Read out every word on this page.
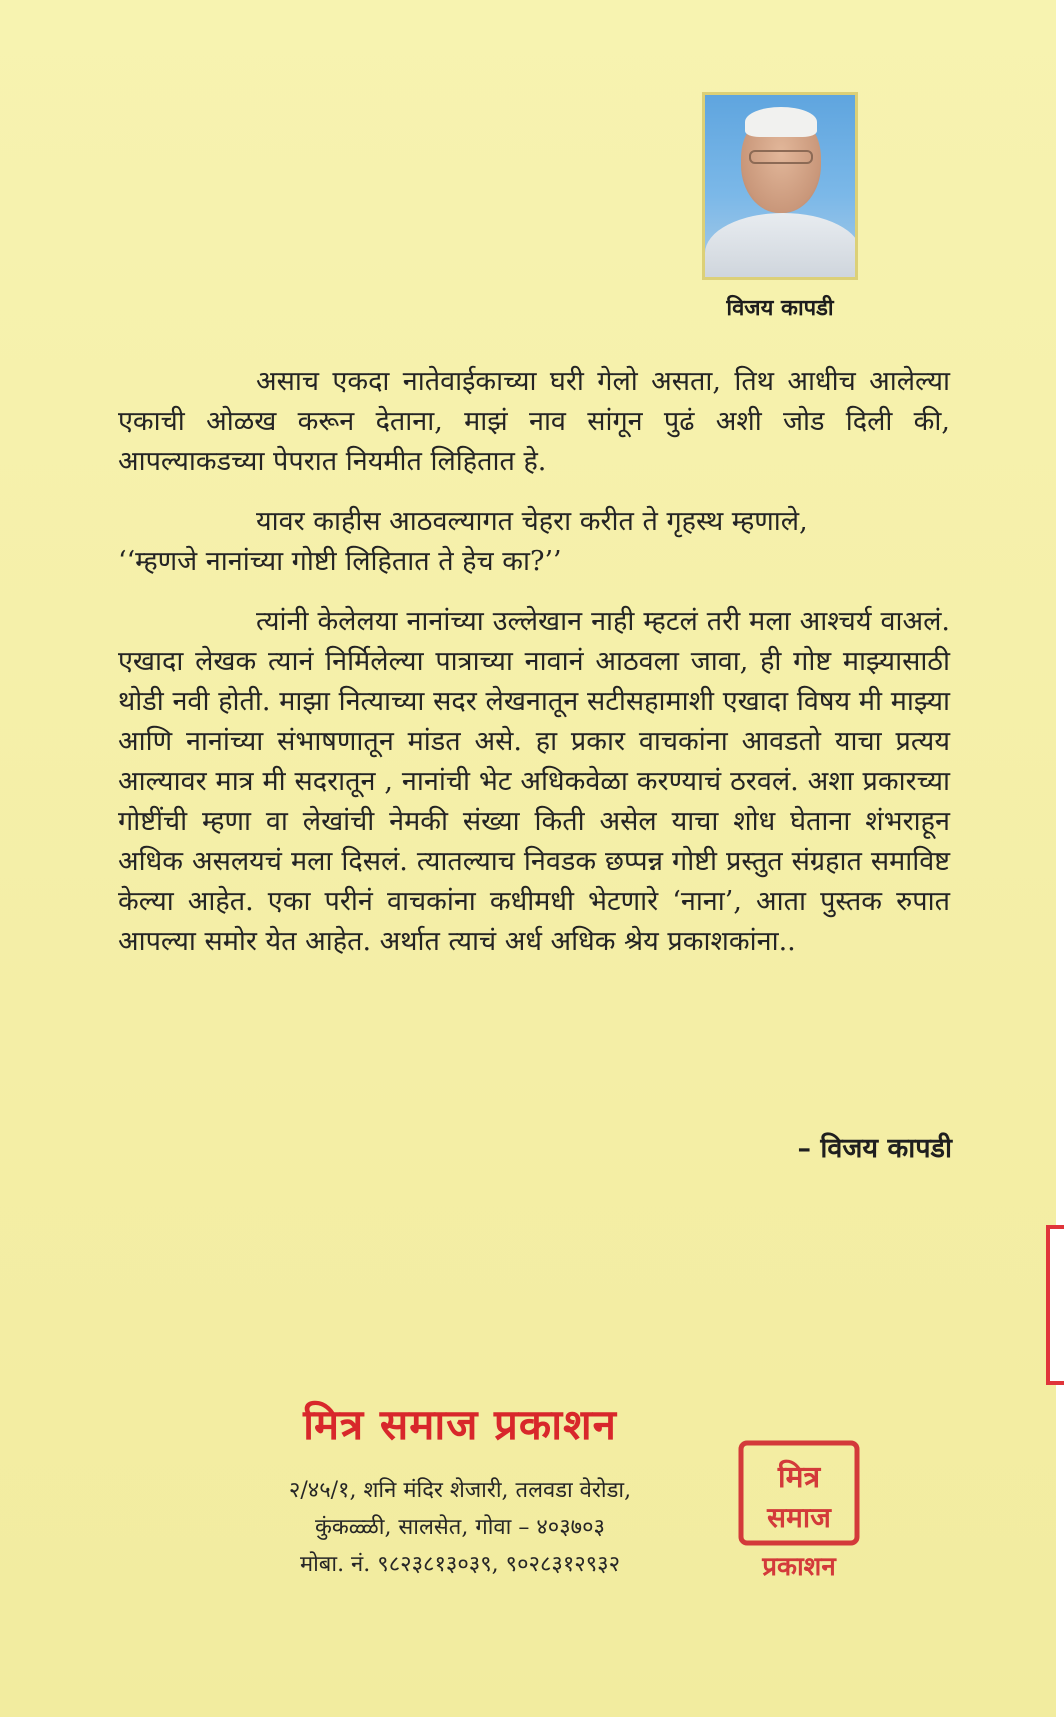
विजय कापडी

असाच एकदा नातेवाईकाच्या घरी गेलो असता, तिथ आधीच आलेल्या एकाची ओळख करून देताना, माझं नाव सांगून पुढं अशी जोड दिली की, आपल्याकडच्या पेपरात नियमीत लिहितात हे.

यावर काहीस आठवल्यागत चेहरा करीत ते गृहस्थ म्हणाले,

‘‘म्हणजे नानांच्या गोष्टी लिहितात ते हेच का?’’

त्यांनी केलेलया नानांच्या उल्लेखान नाही म्हटलं तरी मला आश्चर्य वाअलं. एखादा लेखक त्यानं निर्मिलेल्या पात्राच्या नावानं आठवला जावा, ही गोष्ट माझ्यासाठी थोडी नवी होती. माझा नित्याच्या सदर लेखनातून सटीसहामाशी एखादा विषय मी माझ्या आणि नानांच्या संभाषणातून मांडत असे. हा प्रकार वाचकांना आवडतो याचा प्रत्यय आल्यावर मात्र मी सदरातून , नानांची भेट अधिकवेळा करण्याचं ठरवलं. अशा प्रकारच्या गोष्टींची म्हणा वा लेखांची नेमकी संख्या किती असेल याचा शोध घेताना शंभराहून अधिक असलयचं मला दिसलं. त्यातल्याच निवडक छप्पन्न गोष्टी प्रस्तुत संग्रहात समाविष्ट केल्या आहेत. एका परीनं वाचकांना कधीमधी भेटणारे ‘नाना’, आता पुस्तक रुपात आपल्या समोर येत आहेत. अर्थात त्याचं अर्ध अधिक श्रेय प्रकाशकांना..

– विजय कापडी
मित्र समाज प्रकाशन
२/४५/१, शनि मंदिर शेजारी, तलवडा वेरोडा,
कुंकळ्ळी, सालसेत, गोवा – ४०३७०३
मोबा. नं. ९८२३८१३०३९, ९०२८३१२९३२
मित्र
समाज
प्रकाशन
